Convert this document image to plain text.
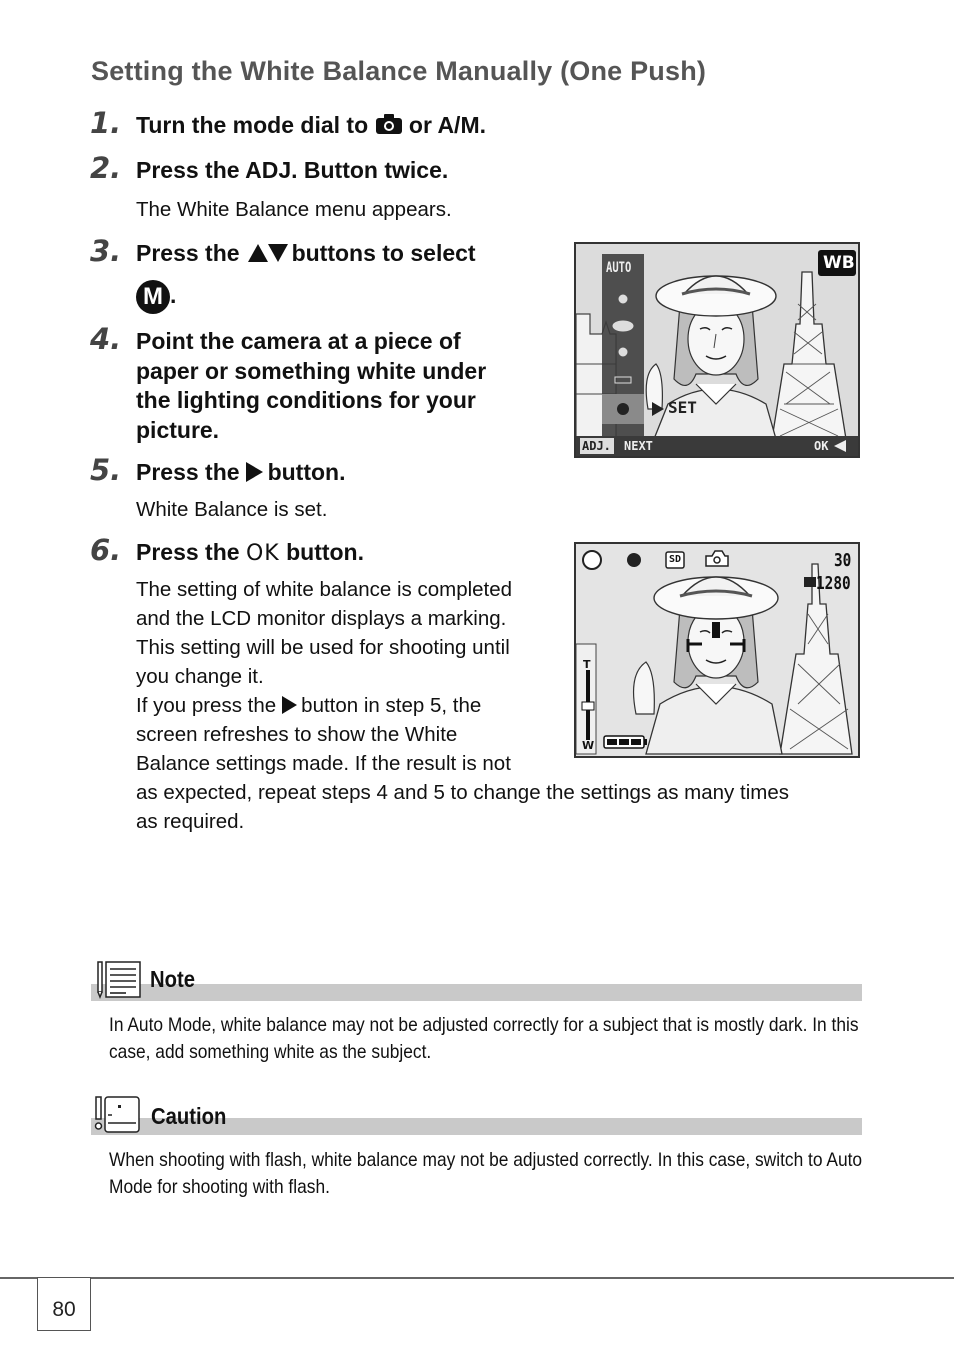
Setting the White Balance Manually (One Push)
1. Turn the mode dial to or A/M.
2. Press the ADJ. Button twice.
The White Balance menu appears.
3. Press the buttons to select
M .
4. Point the camera at a piece of
paper or something white under
the lighting conditions for your
picture.
5. Press the button.
White Balance is set.
6. Press the OK button.
The setting of white balance is completed
and the LCD monitor displays a marking.
This setting will be used for shooting until
you change it.
If you press the button in step 5, the
screen refreshes to show the White
Balance settings made. If the result is not
as expected, repeat steps 4 and 5 to change the settings as many times
as required.
AUTO	WB
SET
ADJ. NEXT	OK
SD	30
1280
T
W
Note
In Auto Mode, white balance may not be adjusted correctly for a subject that is mostly dark. In this case, add something white as the subject.
Caution
When shooting with flash, white balance may not be adjusted correctly. In this case, switch to Auto Mode for shooting with flash.
80
